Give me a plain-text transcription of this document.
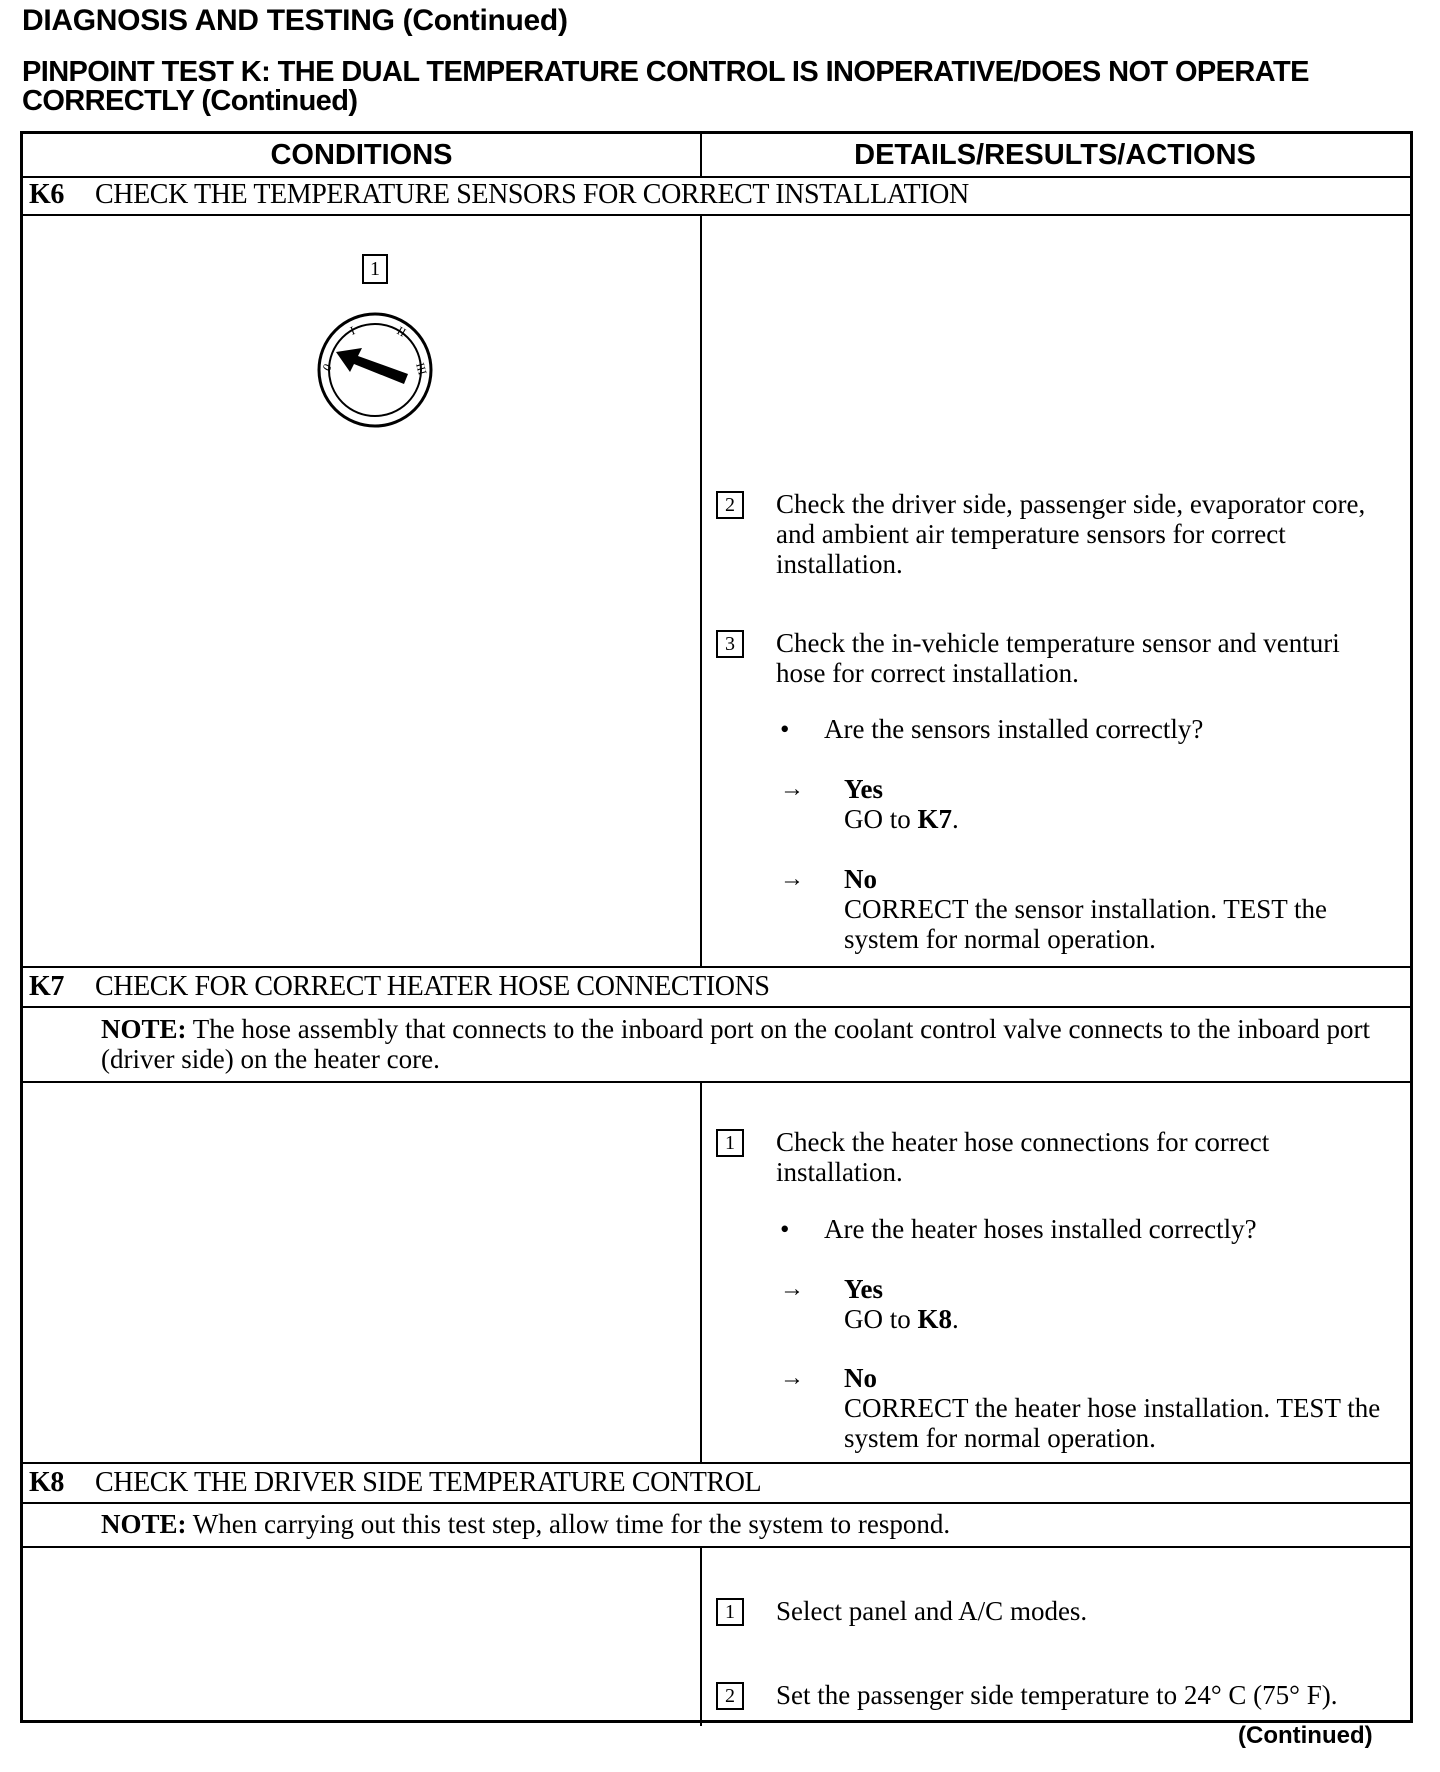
DIAGNOSIS AND TESTING (Continued)
PINPOINT TEST K: THE DUAL TEMPERATURE CONTROL IS INOPERATIVE/DOES NOT OPERATE
CORRECTLY (Continued)
CONDITIONS	DETAILS/RESULTS/ACTIONS
K6 CHECK THE TEMPERATURE SENSORS FOR CORRECT INSTALLATION
1
0
I	II
III
2	Check the driver side, passenger side, evaporator core, and ambient air temperature sensors for correct installation.
3	Check the in-vehicle temperature sensor and venturi hose for correct installation.
• Are the sensors installed correctly?
→ Yes
GO to K7.
→ No
CORRECT the sensor installation. TEST the system for normal operation.
K7 CHECK FOR CORRECT HEATER HOSE CONNECTIONS
NOTE: The hose assembly that connects to the inboard port on the coolant control valve connects to the inboard port (driver side) on the heater core.
1	Check the heater hose connections for correct installation.
• Are the heater hoses installed correctly?
→ Yes
GO to K8.
→ No
CORRECT the heater hose installation. TEST the system for normal operation.
K8 CHECK THE DRIVER SIDE TEMPERATURE CONTROL
NOTE: When carrying out this test step, allow time for the system to respond.
1	Select panel and A/C modes.
2	Set the passenger side temperature to 24° C (75° F).
(Continued)
